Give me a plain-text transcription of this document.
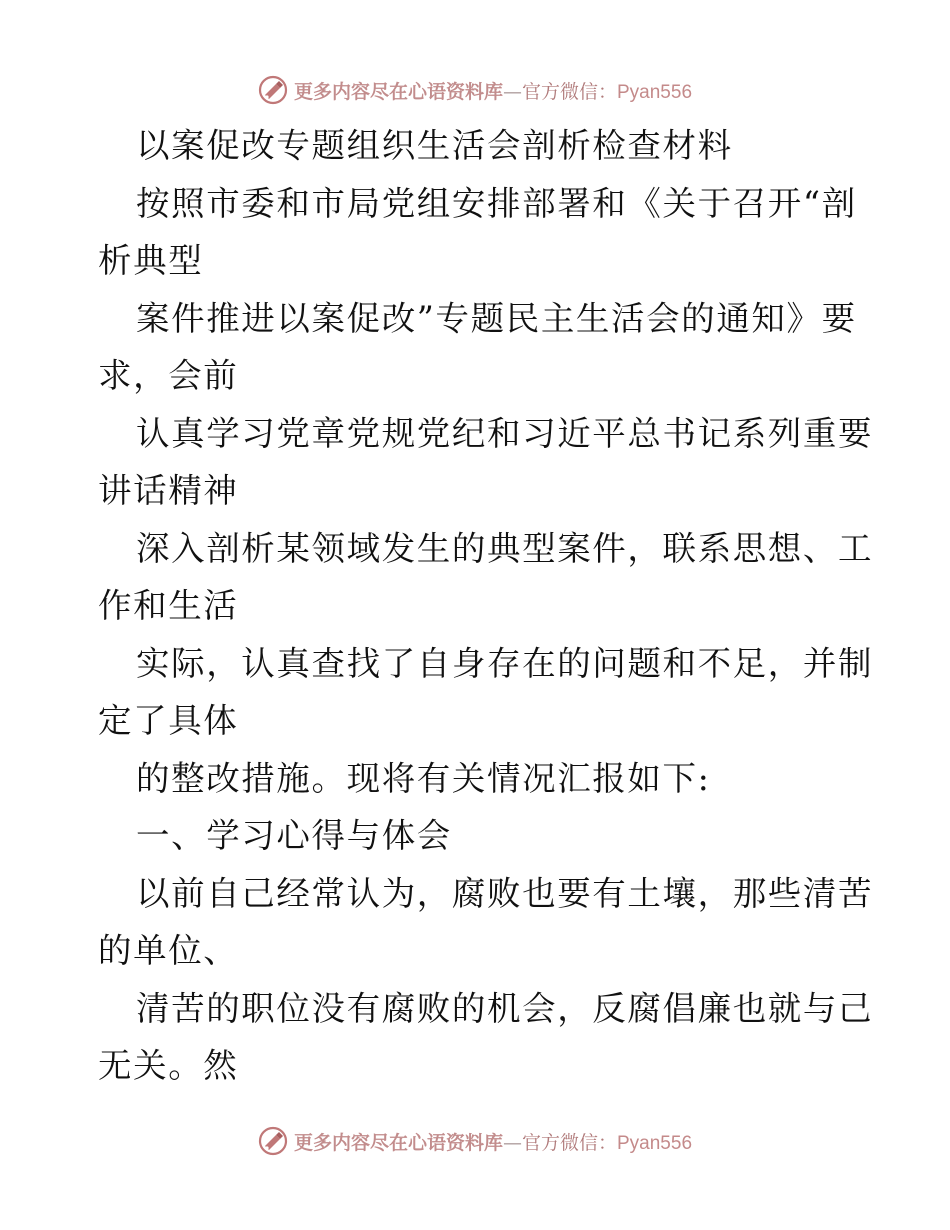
更多内容尽在心语资料库—官方微信：Pyan556
以案促改专题组织生活会剖析检查材料
按照市委和市局党组安排部署和《关于召开“剖
析典型
案件推进以案促改”专题民主生活会的通知》要
求，会前
认真学习党章党规党纪和习近平总书记系列重要
讲话精神
深入剖析某领域发生的典型案件，联系思想、工
作和生活
实际，认真查找了自身存在的问题和不足，并制
定了具体
的整改措施。现将有关情况汇报如下:
一、学习心得与体会
以前自己经常认为，腐败也要有土壤，那些清苦
的单位、
清苦的职位没有腐败的机会，反腐倡廉也就与己
无关。然
更多内容尽在心语资料库—官方微信：Pyan556
